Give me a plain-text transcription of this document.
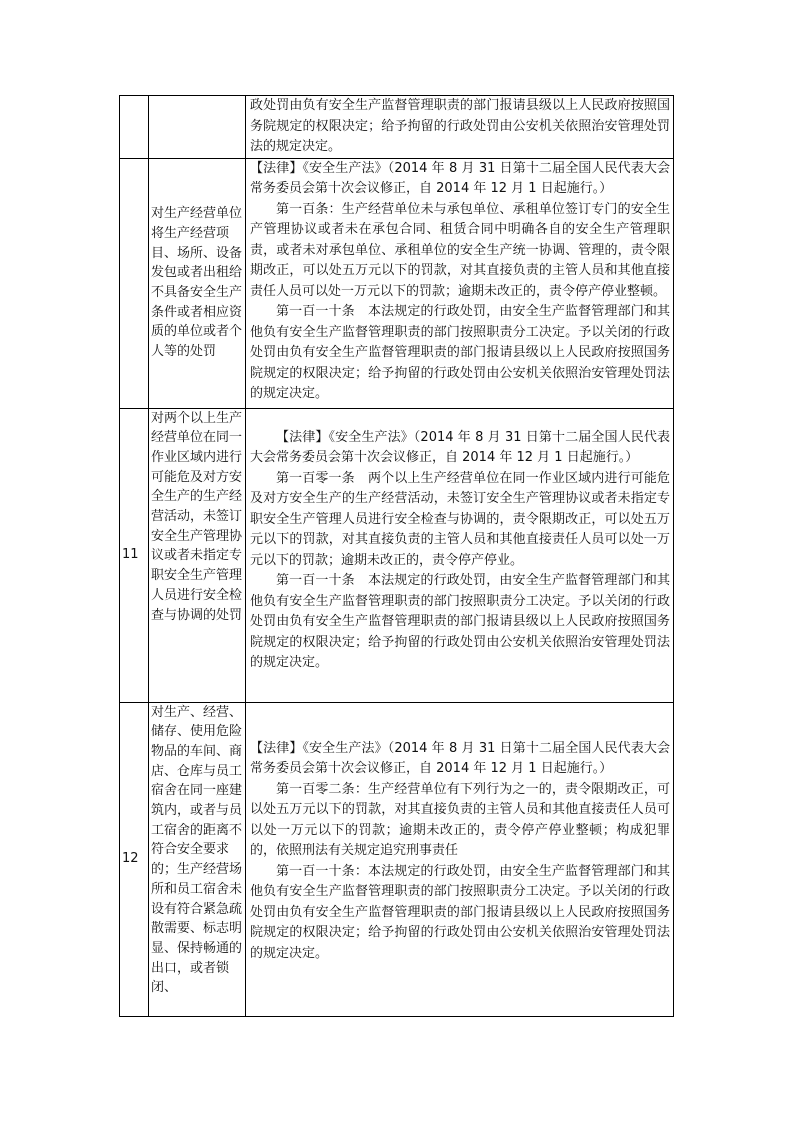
		政处罚由负有安全生产监督管理职责的部门报请县级以上人民政府按照国务院规定的权限决定；给予拘留的行政处罚由公安机关依照治安管理处罚法的规定决定。

	对生产经营单位将生产经营项目、场所、设备发包或者出租给不具备安全生产条件或者相应资质的单位或者个人等的处罚	【法律】《安全生产法》（2014 年 8 月 31 日第十二届全国人民代表大会常务委员会第十次会议修正，自 2014 年 12 月 1 日起施行。）

第一百条：生产经营单位未与承包单位、承租单位签订专门的安全生产管理协议或者未在承包合同、租赁合同中明确各自的安全生产管理职责，或者未对承包单位、承租单位的安全生产统一协调、管理的，责令限期改正，可以处五万元以下的罚款，对其直接负责的主管人员和其他直接责任人员可以处一万元以下的罚款；逾期未改正的，责令停产停业整顿。

第一百一十条　本法规定的行政处罚，由安全生产监督管理部门和其他负有安全生产监督管理职责的部门按照职责分工决定。予以关闭的行政处罚由负有安全生产监督管理职责的部门报请县级以上人民政府按照国务院规定的权限决定；给予拘留的行政处罚由公安机关依照治安管理处罚法的规定决定。

11	对两个以上生产经营单位在同一作业区域内进行可能危及对方安全生产的生产经营活动，未签订安全生产管理协议或者未指定专职安全生产管理人员进行安全检查与协调的处罚	【法律】《安全生产法》（2014 年 8 月 31 日第十二届全国人民代表大会常务委员会第十次会议修正，自 2014 年 12 月 1 日起施行。）

第一百零一条　两个以上生产经营单位在同一作业区域内进行可能危及对方安全生产的生产经营活动，未签订安全生产管理协议或者未指定专职安全生产管理人员进行安全检查与协调的，责令限期改正，可以处五万元以下的罚款，对其直接负责的主管人员和其他直接责任人员可以处一万元以下的罚款；逾期未改正的，责令停产停业。

第一百一十条　本法规定的行政处罚，由安全生产监督管理部门和其他负有安全生产监督管理职责的部门按照职责分工决定。予以关闭的行政处罚由负有安全生产监督管理职责的部门报请县级以上人民政府按照国务院规定的权限决定；给予拘留的行政处罚由公安机关依照治安管理处罚法的规定决定。

12	对生产、经营、储存、使用危险物品的车间、商店、仓库与员工宿舍在同一座建筑内，或者与员工宿舍的距离不符合安全要求的；生产经营场所和员工宿舍未设有符合紧急疏散需要、标志明显、保持畅通的出口，或者锁闭、	【法律】《安全生产法》（2014 年 8 月 31 日第十二届全国人民代表大会常务委员会第十次会议修正，自 2014 年 12 月 1 日起施行。）

第一百零二条：生产经营单位有下列行为之一的，责令限期改正，可以处五万元以下的罚款，对其直接负责的主管人员和其他直接责任人员可以处一万元以下的罚款；逾期未改正的，责令停产停业整顿；构成犯罪的，依照刑法有关规定追究刑事责任

第一百一十条：本法规定的行政处罚，由安全生产监督管理部门和其他负有安全生产监督管理职责的部门按照职责分工决定。予以关闭的行政处罚由负有安全生产监督管理职责的部门报请县级以上人民政府按照国务院规定的权限决定；给予拘留的行政处罚由公安机关依照治安管理处罚法的规定决定。
